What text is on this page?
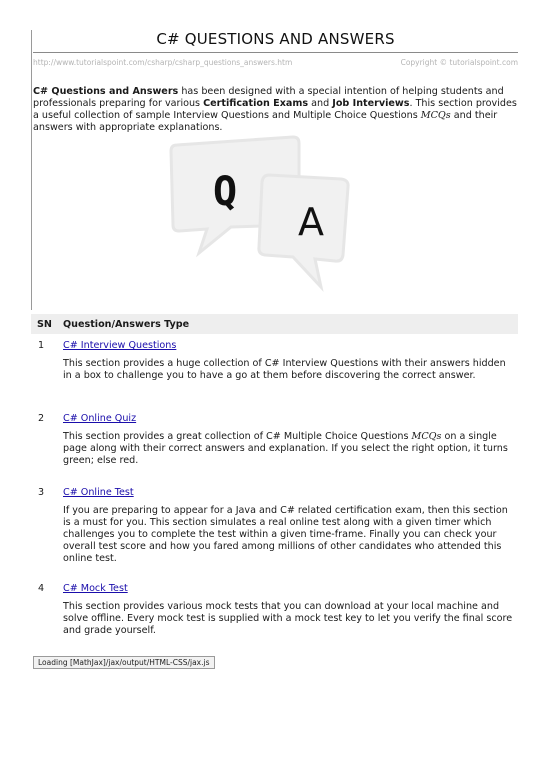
C# QUESTIONS AND ANSWERS
http://www.tutorialspoint.com/csharp/csharp_questions_answers.htm	Copyright © tutorialspoint.com
C# Questions and Answers has been designed with a special intention of helping students and professionals preparing for various Certification Exams and Job Interviews. This section provides a useful collection of sample Interview Questions and Multiple Choice Questions MCQs and their answers with appropriate explanations.
Q
A
SN	Question/Answers Type
1 C# Interview Questions
This section provides a huge collection of C# Interview Questions with their answers hidden in a box to challenge you to have a go at them before discovering the correct answer.
2 C# Online Quiz
This section provides a great collection of C# Multiple Choice Questions MCQs on a single page along with their correct answers and explanation. If you select the right option, it turns green; else red.
3 C# Online Test
If you are preparing to appear for a Java and C# related certification exam, then this section is a must for you. This section simulates a real online test along with a given timer which challenges you to complete the test within a given time-frame. Finally you can check your overall test score and how you fared among millions of other candidates who attended this online test.
4 C# Mock Test
This section provides various mock tests that you can download at your local machine and solve offline. Every mock test is supplied with a mock test key to let you verify the final score and grade yourself.
Loading [MathJax]/jax/output/HTML-CSS/jax.js
